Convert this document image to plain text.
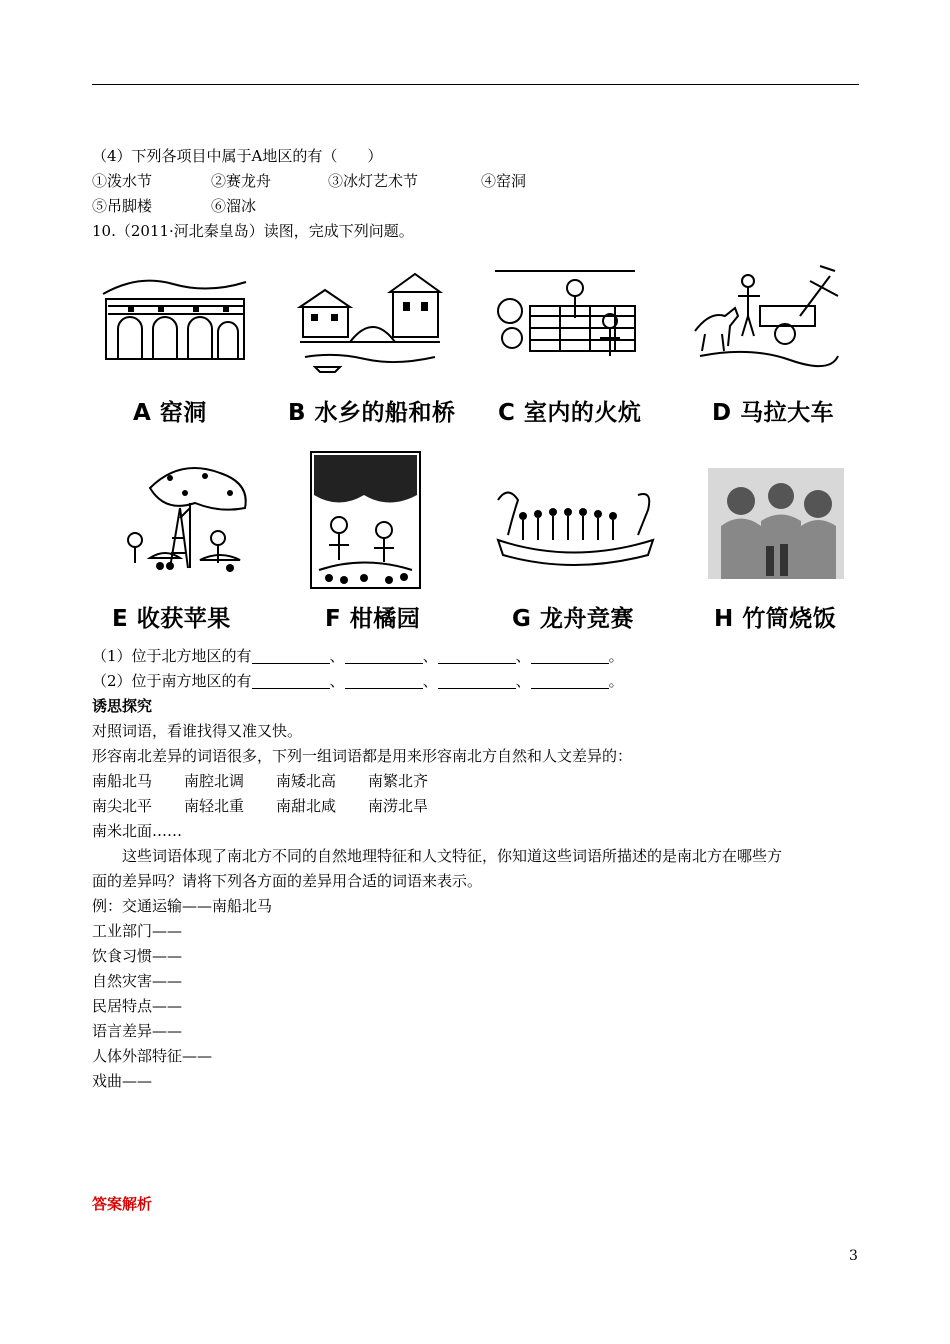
（4）下列各项目中属于A地区的有（　　）
①泼水节	②赛龙舟	③冰灯艺术节	④窑洞
⑤吊脚楼	⑥溜冰
10.（2011·河北秦皇岛）读图，完成下列问题。
A 窑洞	B 水乡的船和桥 C 室内的火炕	D 马拉大车
E 收获苹果	F 柑橘园	G 龙舟竞赛	H 竹筒烧饭
（1）位于北方地区的有	、	、	、	。
（2）位于南方地区的有	、	、	、	。
诱思探究
对照词语，看谁找得又准又快。
形容南北差异的词语很多，下列一组词语都是用来形容南北方自然和人文差异的：
南船北马 南腔北调 南矮北高 南繁北齐
南尖北平 南轻北重 南甜北咸 南涝北旱
南米北面……
这些词语体现了南北方不同的自然地理特征和人文特征，你知道这些词语所描述的是南北方在哪些方
面的差异吗？请将下列各方面的差异用合适的词语来表示。
例：交通运输——南船北马
工业部门——
饮食习惯——
自然灾害——
民居特点——
语言差异——
人体外部特征——
戏曲——
答案解析
3
